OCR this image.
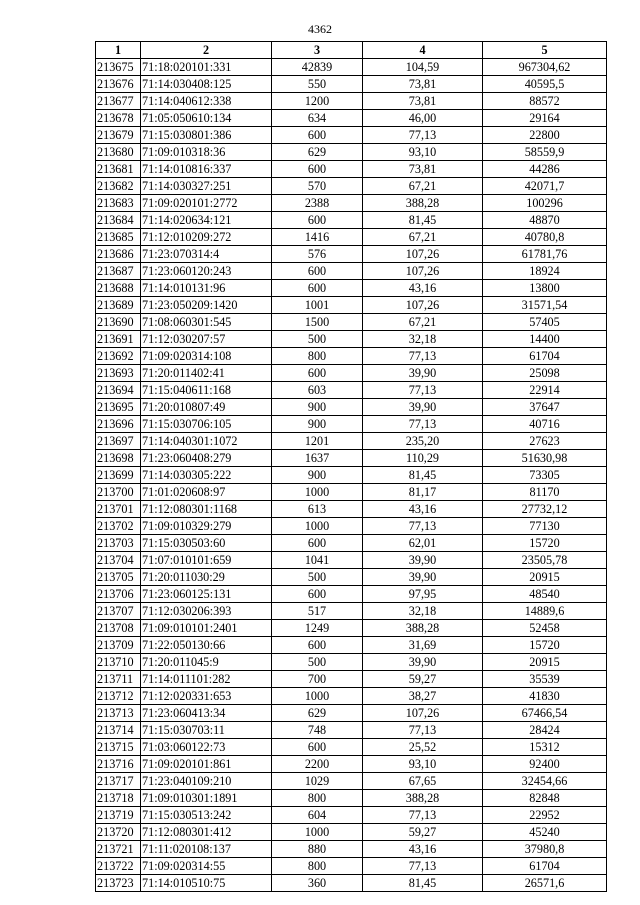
4362
1	2	3	4	5
213675	71:18:020101:331	42839	104,59	967304,62
213676	71:14:030408:125	550	73,81	40595,5
213677	71:14:040612:338	1200	73,81	88572
213678	71:05:050610:134	634	46,00	29164
213679	71:15:030801:386	600	77,13	22800
213680	71:09:010318:36	629	93,10	58559,9
213681	71:14:010816:337	600	73,81	44286
213682	71:14:030327:251	570	67,21	42071,7
213683	71:09:020101:2772	2388	388,28	100296
213684	71:14:020634:121	600	81,45	48870
213685	71:12:010209:272	1416	67,21	40780,8
213686	71:23:070314:4	576	107,26	61781,76
213687	71:23:060120:243	600	107,26	18924
213688	71:14:010131:96	600	43,16	13800
213689	71:23:050209:1420	1001	107,26	31571,54
213690	71:08:060301:545	1500	67,21	57405
213691	71:12:030207:57	500	32,18	14400
213692	71:09:020314:108	800	77,13	61704
213693	71:20:011402:41	600	39,90	25098
213694	71:15:040611:168	603	77,13	22914
213695	71:20:010807:49	900	39,90	37647
213696	71:15:030706:105	900	77,13	40716
213697	71:14:040301:1072	1201	235,20	27623
213698	71:23:060408:279	1637	110,29	51630,98
213699	71:14:030305:222	900	81,45	73305
213700	71:01:020608:97	1000	81,17	81170
213701	71:12:080301:1168	613	43,16	27732,12
213702	71:09:010329:279	1000	77,13	77130
213703	71:15:030503:60	600	62,01	15720
213704	71:07:010101:659	1041	39,90	23505,78
213705	71:20:011030:29	500	39,90	20915
213706	71:23:060125:131	600	97,95	48540
213707	71:12:030206:393	517	32,18	14889,6
213708	71:09:010101:2401	1249	388,28	52458
213709	71:22:050130:66	600	31,69	15720
213710	71:20:011045:9	500	39,90	20915
213711	71:14:011101:282	700	59,27	35539
213712	71:12:020331:653	1000	38,27	41830
213713	71:23:060413:34	629	107,26	67466,54
213714	71:15:030703:11	748	77,13	28424
213715	71:03:060122:73	600	25,52	15312
213716	71:09:020101:861	2200	93,10	92400
213717	71:23:040109:210	1029	67,65	32454,66
213718	71:09:010301:1891	800	388,28	82848
213719	71:15:030513:242	604	77,13	22952
213720	71:12:080301:412	1000	59,27	45240
213721	71:11:020108:137	880	43,16	37980,8
213722	71:09:020314:55	800	77,13	61704
213723	71:14:010510:75	360	81,45	26571,6
